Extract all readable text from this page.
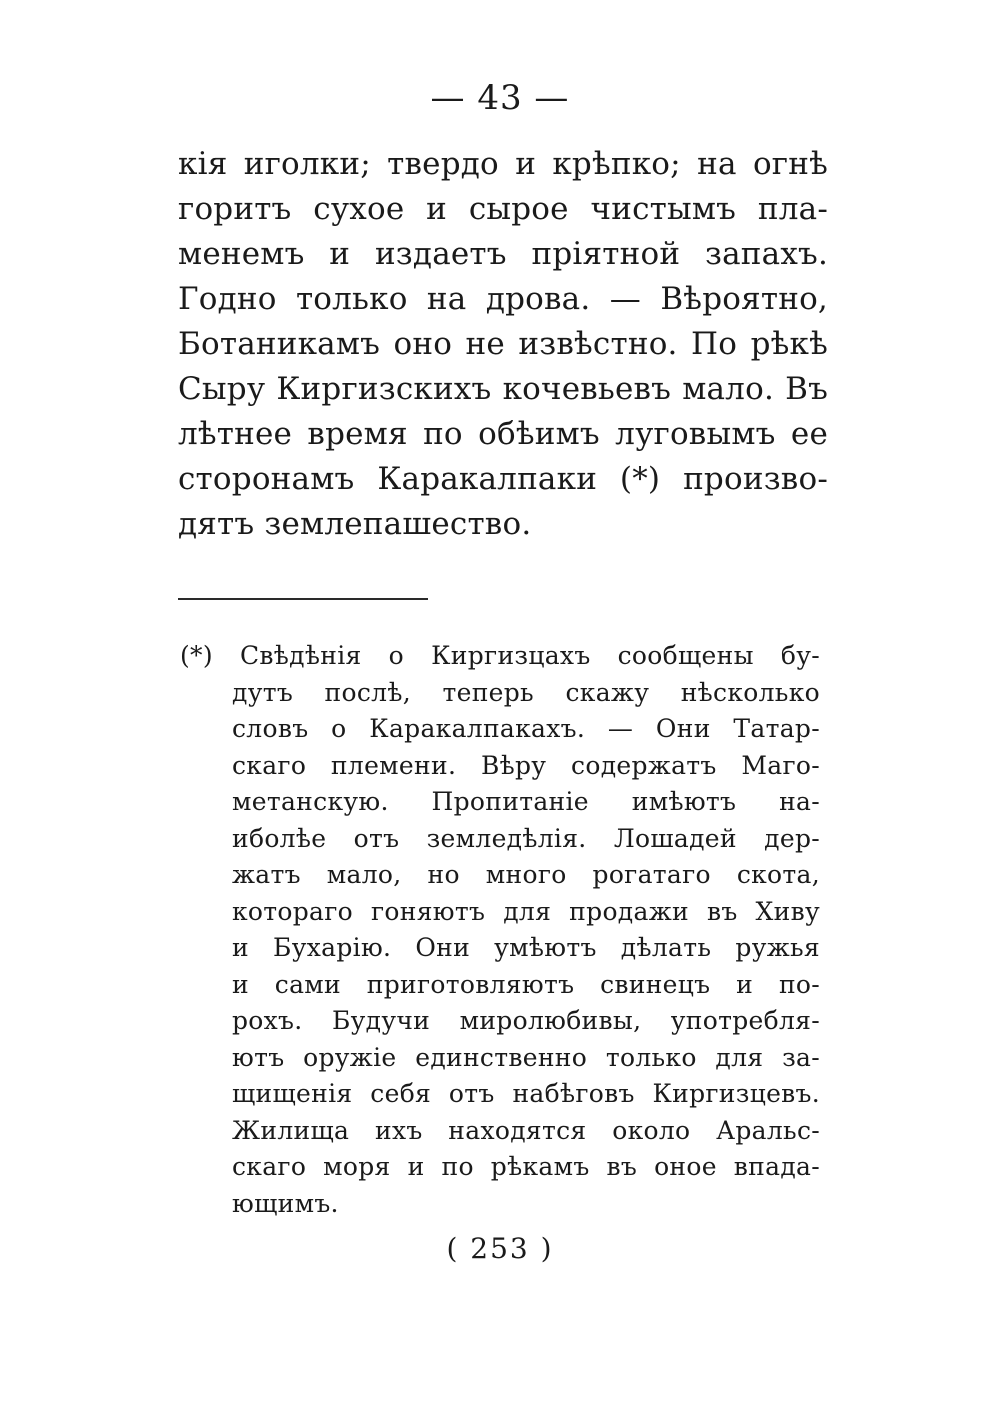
— 43 —
кія иголки; твердо и крѣпко; на огнѣ
горитъ сухое и сырое чистымъ пла-
менемъ и издаетъ пріятной запахъ.
Годно только на дрова. — Вѣроятно,
Ботаникамъ оно не извѣстно. По рѣкѣ
Сыру Киргизскихъ кочевьевъ мало. Въ
лѣтнее время по обѣимъ луговымъ ее
сторонамъ Каракалпаки (*) произво-
дятъ землепашество.
(*) Свѣдѣнія о Киргизцахъ сообщены бу-
дутъ послѣ, теперь скажу нѣсколько
словъ о Каракалпакахъ. — Они Татар-
скаго племени. Вѣру содержатъ Маго-
метанскую. Пропитаніе имѣютъ на-
иболѣе отъ земледѣлія. Лошадей дер-
жатъ мало, но много рогатаго скота,
котораго гоняютъ для продажи въ Хиву
и Бухарію. Они умѣютъ дѣлать ружья
и сами приготовляютъ свинецъ и по-
рохъ. Будучи миролюбивы, употребля-
ютъ оружіе единственно только для за-
щищенія себя отъ набѣговъ Киргизцевъ.
Жилища ихъ находятся около Аральс-
скаго моря и по рѣкамъ въ оное впада-
ющимъ.
( 253 )
